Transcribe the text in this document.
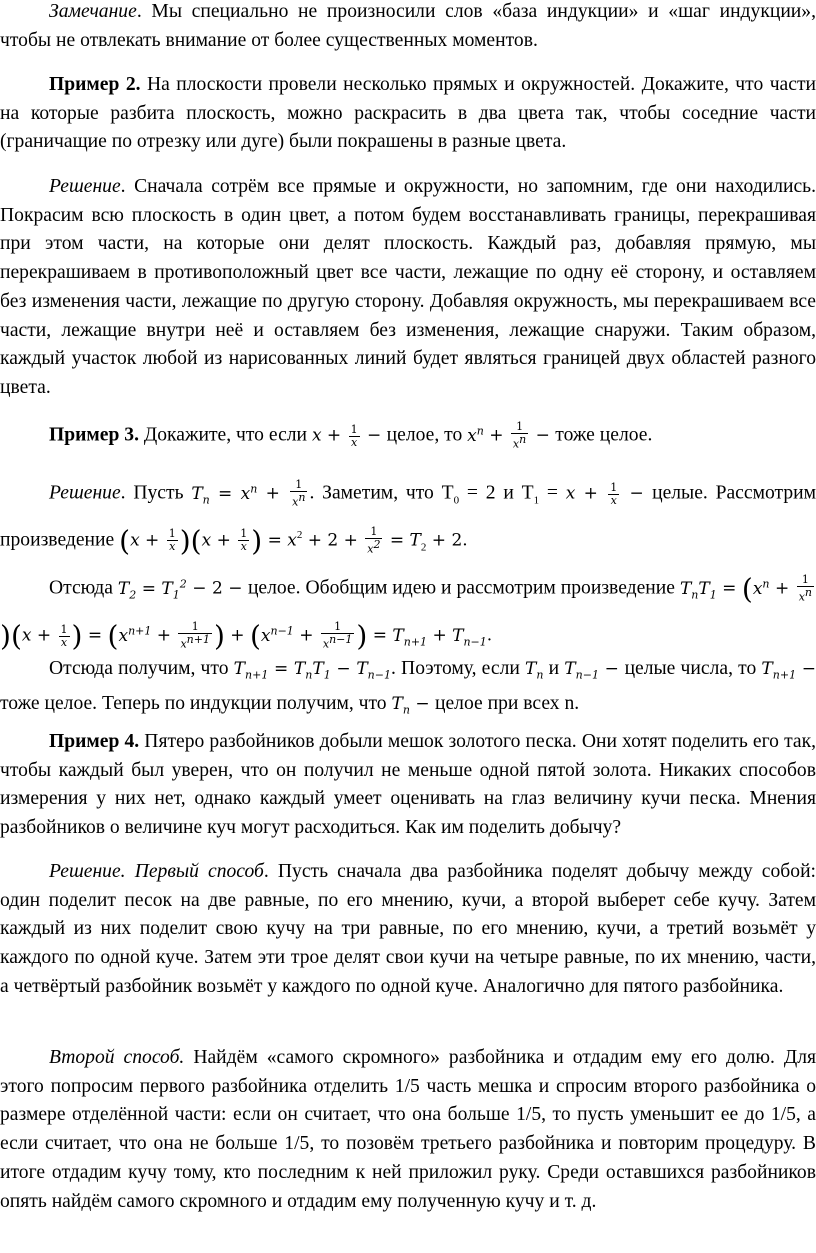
Замечание. Мы специально не произносили слов «база индукции» и «шаг индукции», чтобы не отвлекать внимание от более существенных моментов.

Пример 2. На плоскости провели несколько прямых и окружностей. Докажите, что части на которые разбита плоскость, можно раскрасить в два цвета так, чтобы соседние части (граничащие по отрезку или дуге) были покрашены в разные цвета.

Решение. Сначала сотрём все прямые и окружности, но запомним, где они находились. Покрасим всю плоскость в один цвет, а потом будем восстанавливать границы, перекрашивая при этом части, на которые они делят плоскость. Каждый раз, добавляя прямую, мы перекрашиваем в противоположный цвет все части, лежащие по одну её сторону, и оставляем без изменения части, лежащие по другую сторону. Добавляя окружность, мы перекрашиваем все части, лежащие внутри неё и оставляем без изменения, лежащие снаружи. Таким образом, каждый участок любой из нарисованных линий будет являться границей двух областей разного цвета.

Пример 3. Докажите, что если $x + \frac{1}{x}$ − целое, то $x^n + \frac{1}{x^n}$ − тоже целое.

Решение. Пусть $T_n = x^n + \frac{1}{x^n}$ . Заметим, что $T_0 = 2$ и $T_1 = x + \frac{1}{x}$ − целые. Рассмотрим произведение $(x + \frac{1}{x} )(x + \frac{1}{x}$ ) = $x^2 + 2 + \frac{1}{x^2} = T_2 + 2$.

Отсюда $T_2 = T_1^2 - 2$ − целое. Обобщим идею и рассмотрим произведение $T_nT_1 = (x^n + \frac{1}{x^n}$
)($x + \frac{1}{x}$ ) = ($x^{n+1} + \frac{1}{x^{n+1}}$ ) + ($x^{n-1} + \frac{1}{x^{n-1}}$ ) = $T_{n+1} + T_{n-1}$.

Отсюда получим, что $T_{n+1} = T_nT_1 - T_{n-1}$. Поэтому, если $T_n$ и $T_{n-1}$ − целые числа, то $T_{n+1}$ − тоже целое. Теперь по индукции получим, что $T_n$ − целое при всех n.

Пример 4. Пятеро разбойников добыли мешок золотого песка. Они хотят поделить его так, чтобы каждый был уверен, что он получил не меньше одной пятой золота. Никаких способов измерения у них нет, однако каждый умеет оценивать на глаз величину кучи песка. Мнения разбойников о величине куч могут расходиться. Как им поделить добычу?

Решение. Первый способ. Пусть сначала два разбойника поделят добычу между собой: один поделит песок на две равные, по его мнению, кучи, а второй выберет себе кучу. Затем каждый из них поделит свою кучу на три равные, по его мнению, кучи, а третий возьмёт у каждого по одной куче. Затем эти трое делят свои кучи на четыре равные, по их мнению, части, а четвёртый разбойник возьмёт у каждого по одной куче. Аналогично для пятого разбойника.

Второй способ. Найдём «самого скромного» разбойника и отдадим ему его долю. Для этого попросим первого разбойника отделить 1/5 часть мешка и спросим второго разбойника о размере отделённой части: если он считает, что она больше 1/5, то пусть уменьшит ее до 1/5, а если считает, что она не больше 1/5, то позовём третьего разбойника и повторим процедуру. В итоге отдадим кучу тому, кто последним к ней приложил руку. Среди оставшихся разбойников опять найдём самого скромного и отдадим ему полученную кучу и т. д.
